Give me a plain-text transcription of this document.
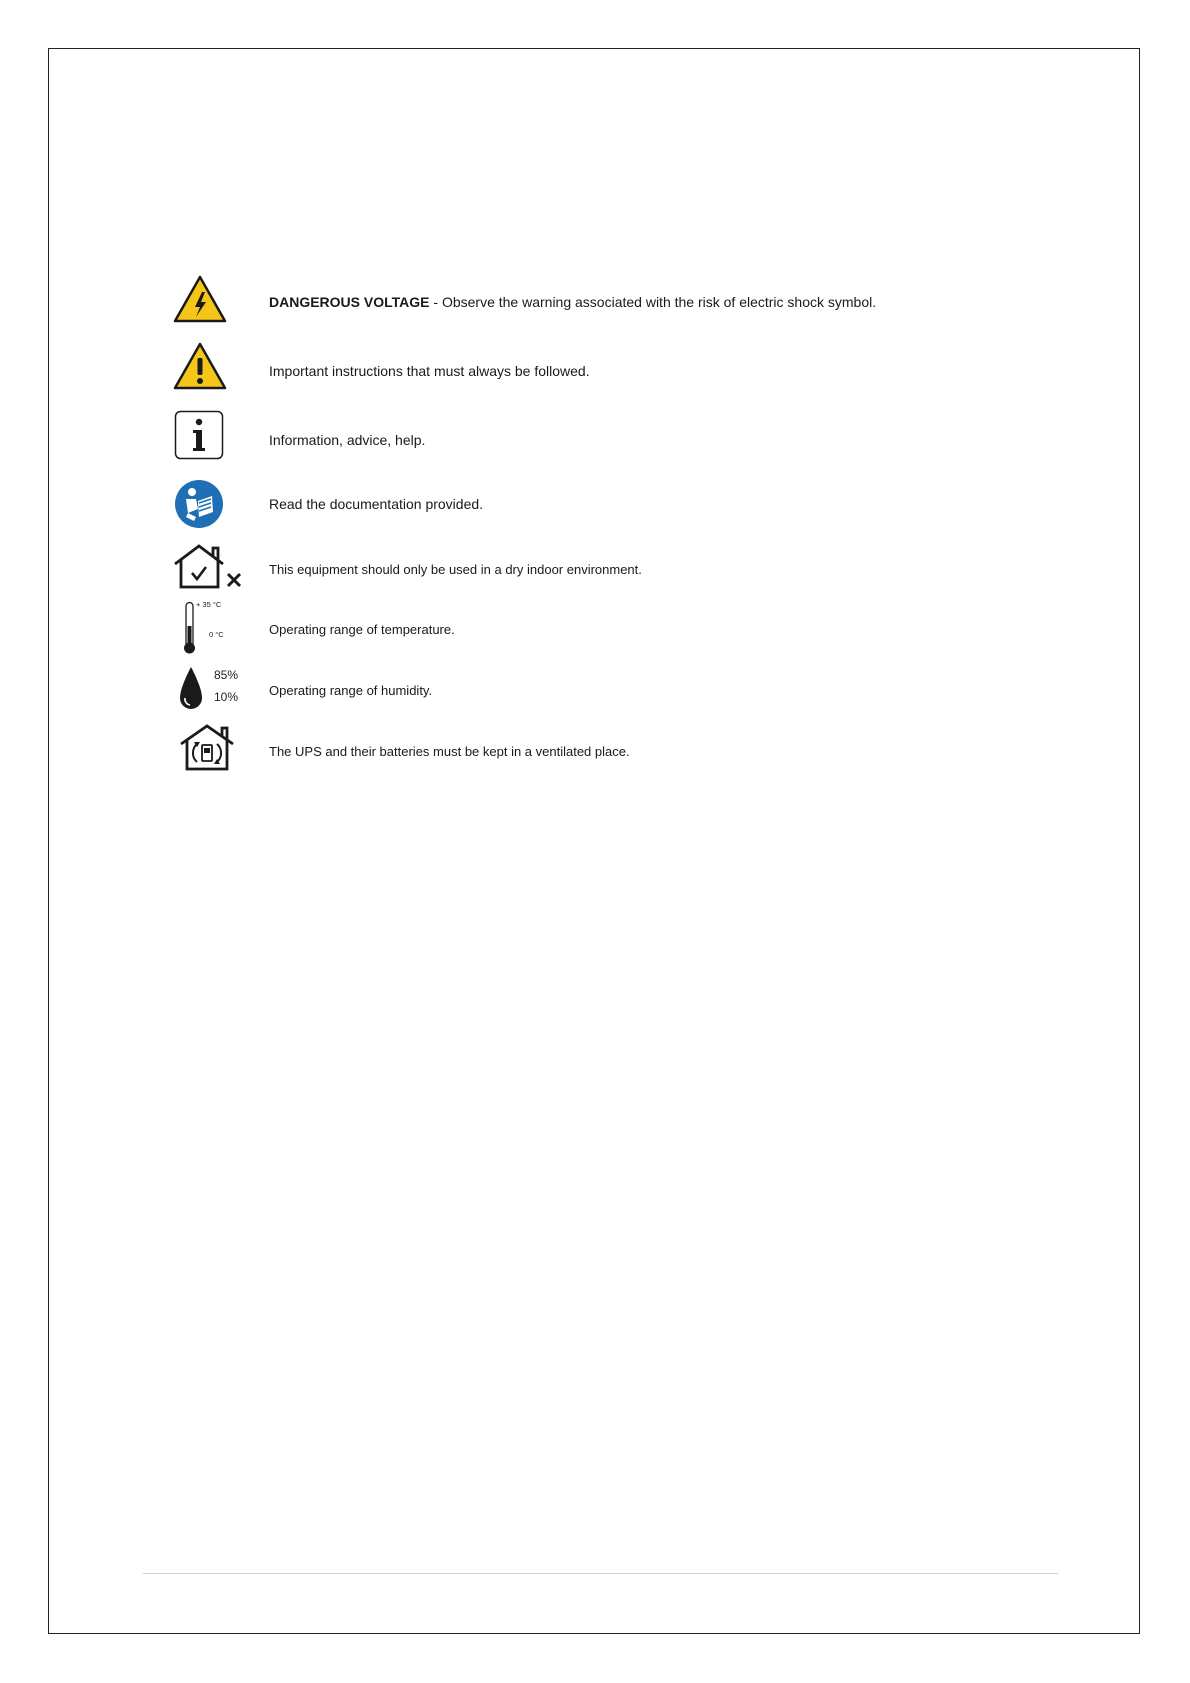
DANGEROUS VOLTAGE - Observe the warning associated with the risk of electric shock symbol.
Important instructions that must always be followed.
Information, advice, help.
Read the documentation provided.
This equipment should only be used in a dry indoor environment.
+ 35 °C
0 °C	Operating range of temperature.
85%
10% Operating range of humidity.
The UPS and their batteries must be kept in a ventilated place.
